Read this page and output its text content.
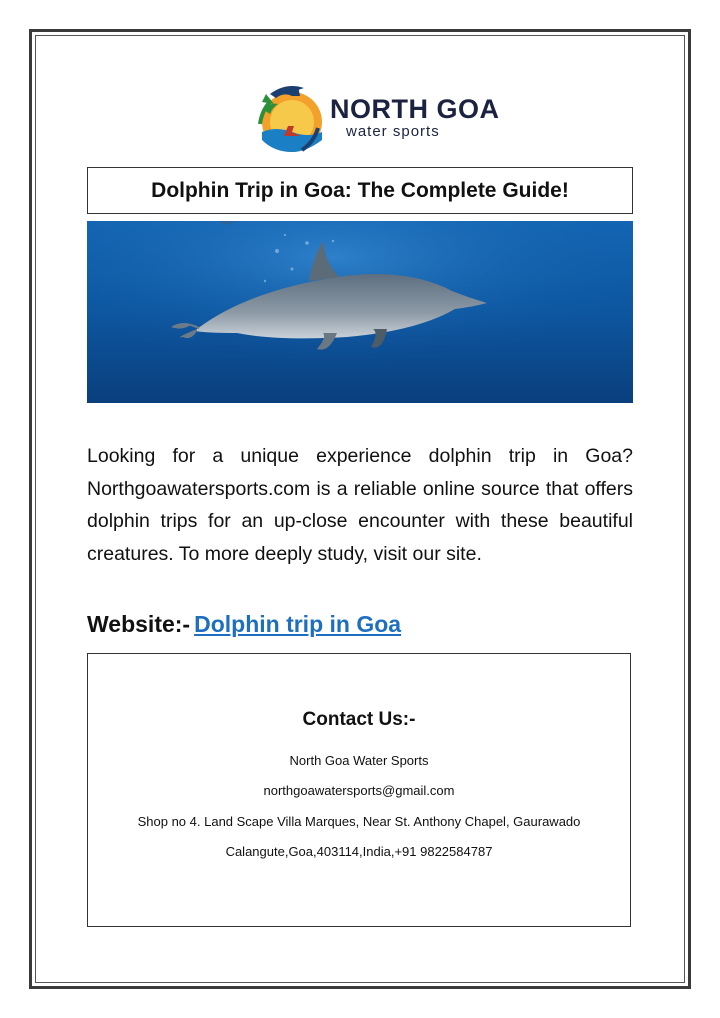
NORTH GOA
water sports
Dolphin Trip in Goa: The Complete Guide!

Looking for a unique experience dolphin trip in Goa? Northgoawatersports.com is a reliable online source that offers dolphin trips for an up-close encounter with these beautiful creatures. To more deeply study, visit our site.

Website:- Dolphin trip in Goa
Contact Us:-
North Goa Water Sports
northgoawatersports@gmail.com
Shop no 4. Land Scape Villa Marques, Near St. Anthony Chapel, Gaurawado
Calangute,Goa,403114,India,+91 9822584787
